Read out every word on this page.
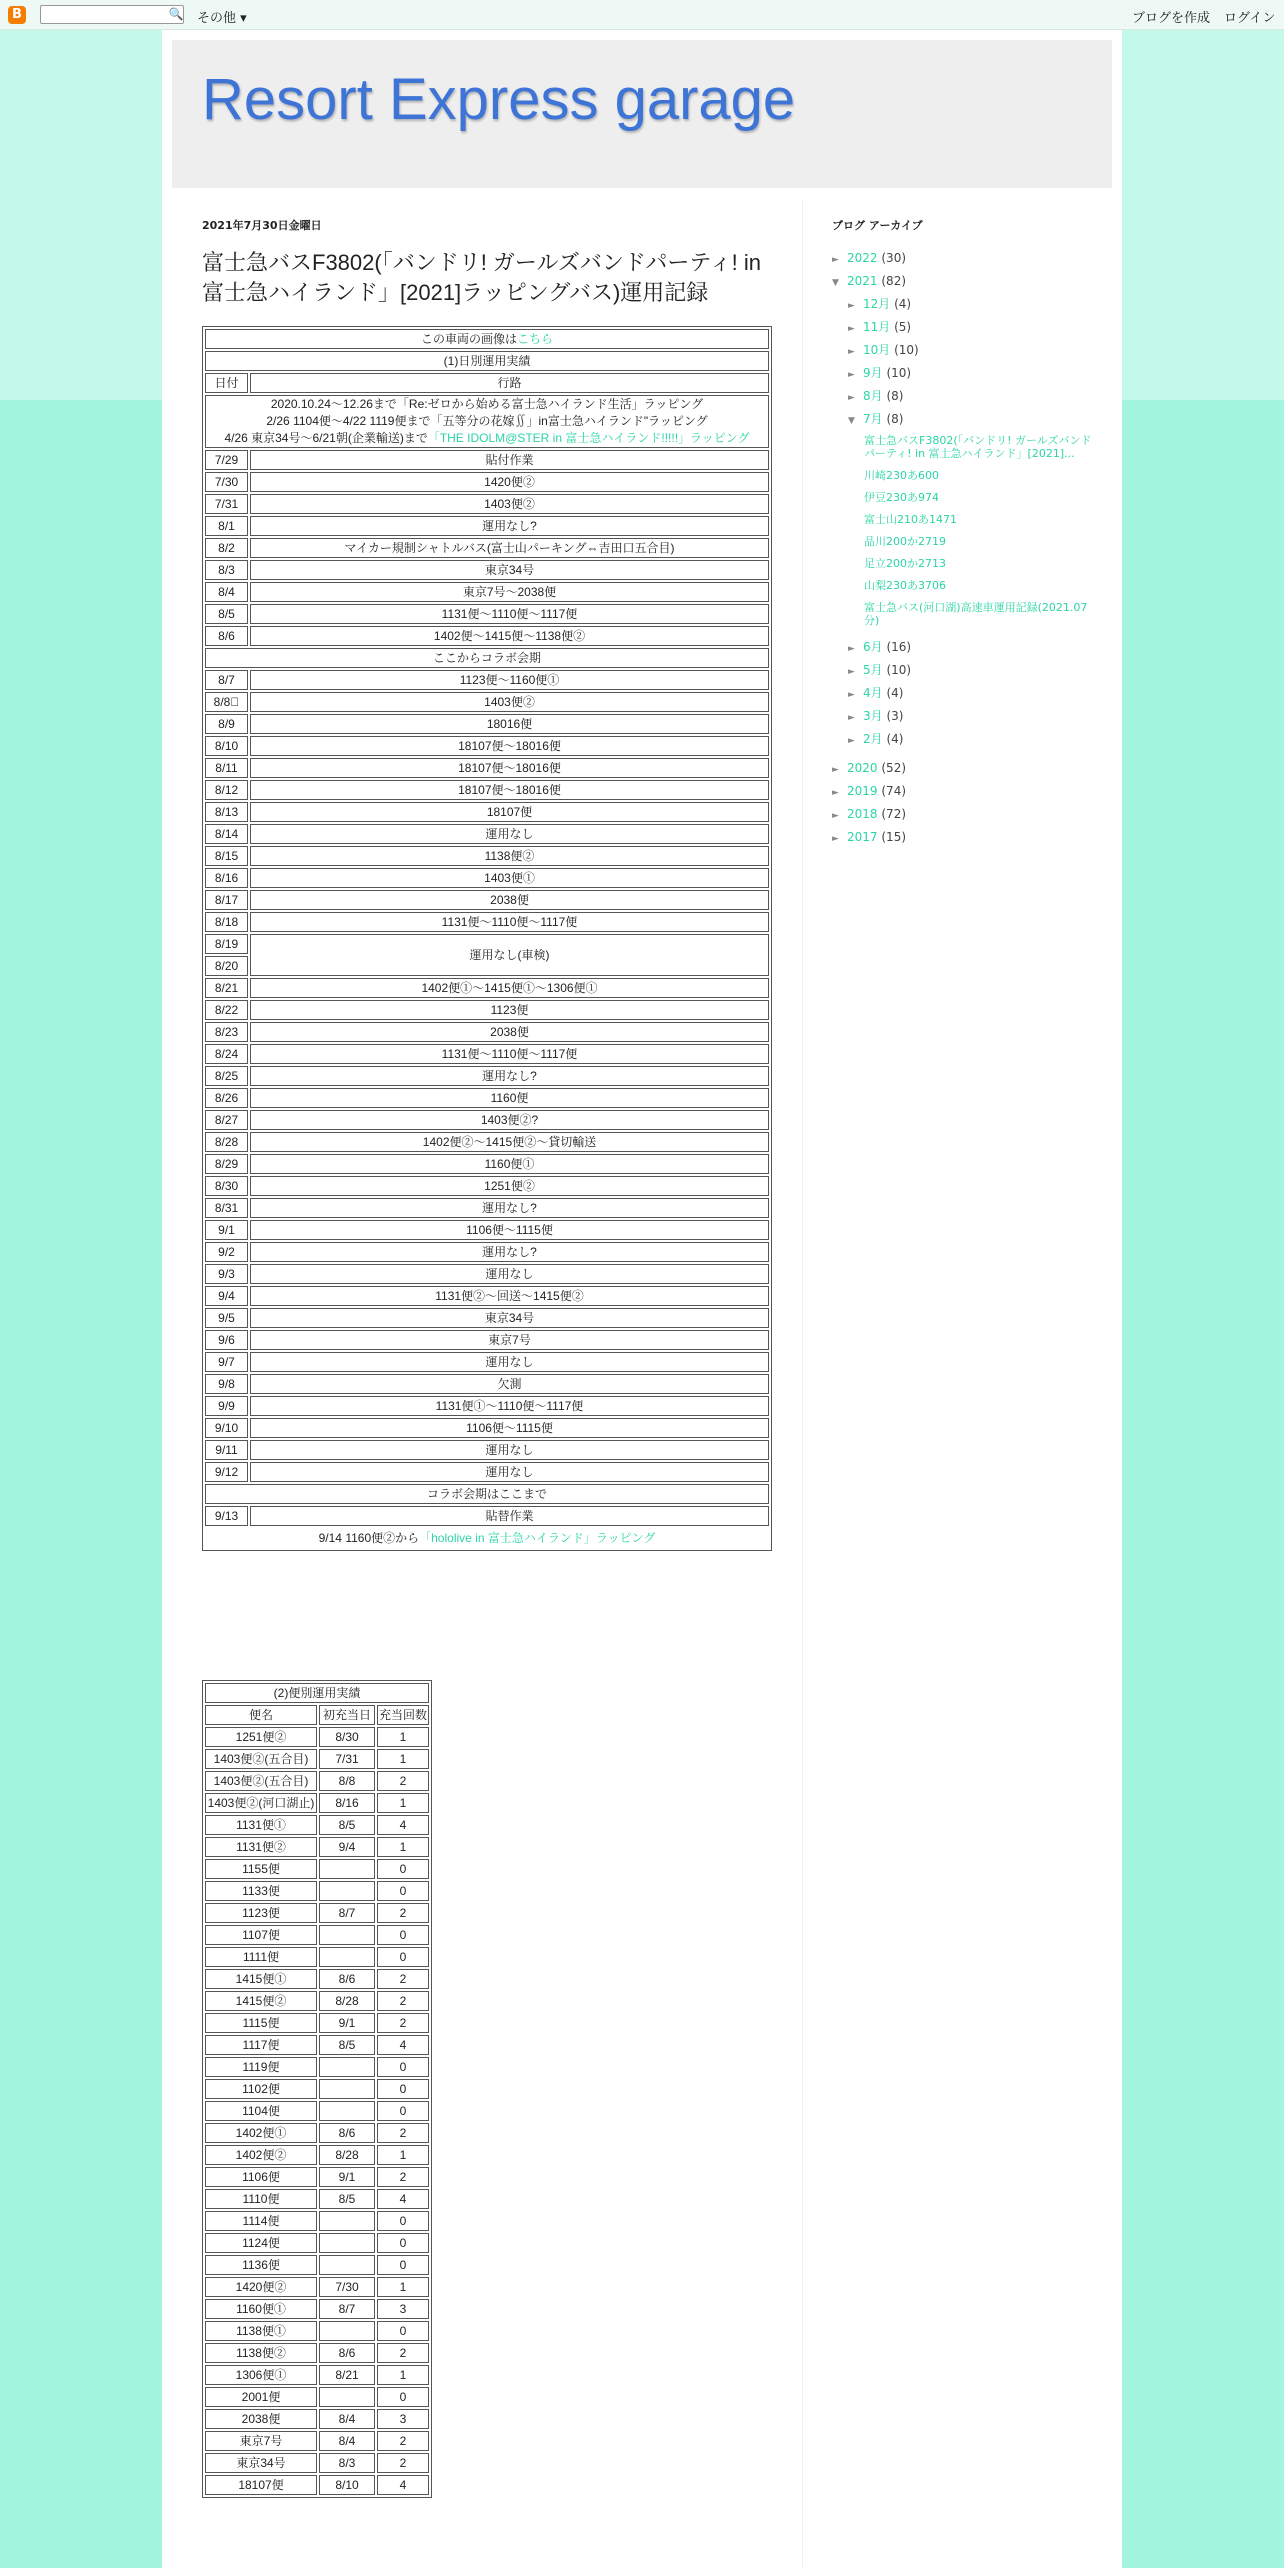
B	🔍 その他 ▾	ブログを作成 ログイン
Resort Express garage
2021年7月30日金曜日
富士急バスF3802(「バンドリ! ガールズバンドパーティ! in 富士急ハイランド」[2021]ラッピングバス)運用記録
この車両の画像はこちら	
(1)日別運用実績	
日付	行路

2020.10.24～12.26まで「Re:ゼロから始める富士急ハイランド生活」ラッピング
2/26 1104便～4/22 1119便まで「五等分の花嫁∬」in富士急ハイランド"ラッピング
4/26 東京34号～6/21朝(企業輸送)まで「THE IDOLM@STER in 富士急ハイランド!!!!!」ラッピング	

7/29	貼付作業
7/30	1420便②
7/31	1403便②
8/1	運用なし?
8/2	マイカー規制シャトルバス(富士山パーキング⇔吉田口五合目)
8/3	東京34号
8/4	東京7号〜2038便
8/5	1131便～1110便～1117便
8/6	1402便～1415便～1138便②
ここからコラボ会期	
8/7	1123便～1160便①
8/8⃝	1403便②
8/9	18016便
8/10	18107便～18016便
8/11	18107便～18016便
8/12	18107便～18016便
8/13	18107便
8/14	運用なし
8/15	1138便②
8/16	1403便①
8/17	2038便
8/18	1131便〜1110便～1117便
8/19	運用なし(車検)
8/20	
8/21	1402便①～1415便①～1306便①
8/22	1123便
8/23	2038便
8/24	1131便～1110便～1117便
8/25	運用なし?
8/26	1160便
8/27	1403便②?
8/28	1402便②～1415便②～貸切輸送
8/29	1160便①
8/30	1251便②
8/31	運用なし?
9/1	1106便～1115便
9/2	運用なし?
9/3	運用なし
9/4	1131便②～回送～1415便②
9/5	東京34号
9/6	東京7号
9/7	運用なし
9/8	欠測
9/9	1131便①～1110便～1117便
9/10	1106便～1115便
9/11	運用なし
9/12	運用なし
コラボ会期はここまで	
9/13	貼替作業
9/14 1160便②から「hololive in 富士急ハイランド」ラッピング	
(2)便別運用実績		
便名	初充当日	充当回数
1251便②	8/30	1
1403便②(五合目)	7/31	1
1403便②(五合目)	8/8	2
1403便②(河口湖止)	8/16	1
1131便①	8/5	4
1131便②	9/4	1
1155便		0
1133便		0
1123便	8/7	2
1107便		0
1111便		0
1415便①	8/6	2
1415便②	8/28	2
1115便	9/1	2
1117便	8/5	4
1119便		0
1102便		0
1104便		0
1402便①	8/6	2
1402便②	8/28	1
1106便	9/1	2
1110便	8/5	4
1114便		0
1124便		0
1136便		0
1420便②	7/30	1
1160便①	8/7	3
1138便①		0
1138便②	8/6	2
1306便①	8/21	1
2001便		0
2038便	8/4	3
東京7号	8/4	2
東京34号	8/3	2
18107便	8/10	4
ブログ アーカイブ
► 2022 (30)
▼ 2021 (82)
► 12月 (4)
► 11月 (5)
► 10月 (10)
► 9月 (10)
► 8月 (8)
▼ 7月 (8)
富士急バスF3802(「バンドリ! ガールズバンドパーティ! in 富士急ハイランド」[2021]...
川崎230あ600
伊豆230あ974
富士山210あ1471
品川200か2719
足立200か2713
山梨230あ3706
富士急バス(河口湖)高速車運用記録(2021.07分)
► 6月 (16)
► 5月 (10)
► 4月 (4)
► 3月 (3)
► 2月 (4)
► 2020 (52)
► 2019 (74)
► 2018 (72)
► 2017 (15)
